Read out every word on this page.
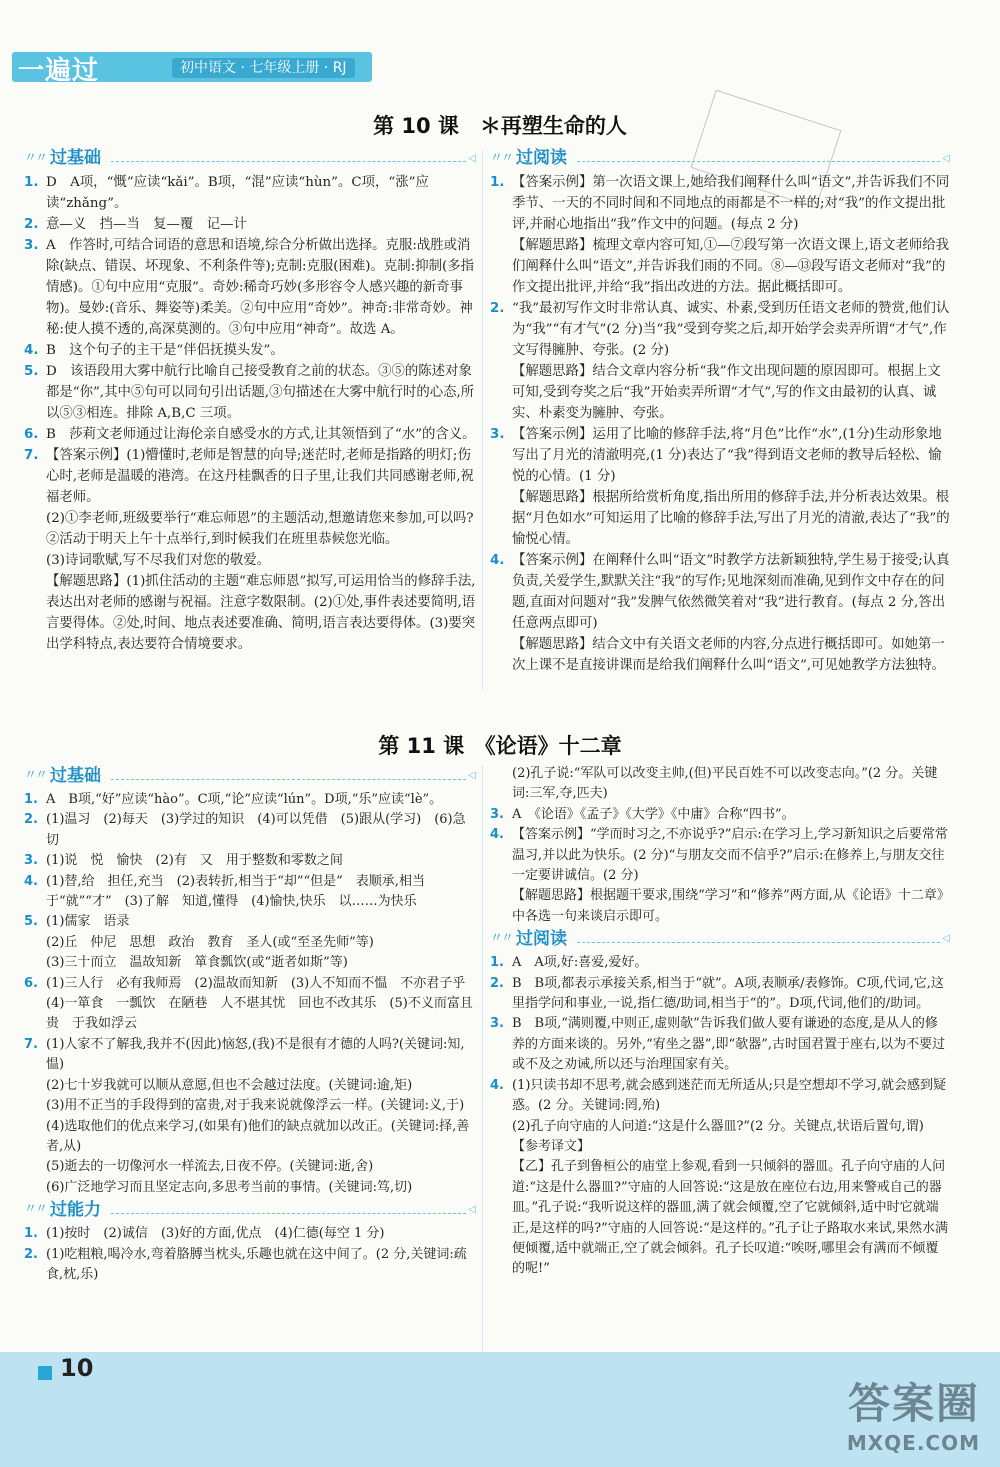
一遍过	初中语文 · 七年级上册 · RJ
第 10 课　＊再塑生命的人
〃〃 过基础	◁
1. D　A项，“慨”应读“kǎi”。B项，“混”应读“hùn”。C项，“涨”应读“zhǎng”。
2. 意—义　挡—当　复—覆　记—计
3. A　作答时,可结合词语的意思和语境,综合分析做出选择。克服:战胜或消除(缺点、错误、坏现象、不利条件等);克制:克服(困难)。克制:抑制(多指情感)。①句中应用“克服”。奇妙:稀奇巧妙(多形容令人感兴趣的新奇事物)。曼妙:(音乐、舞姿等)柔美。②句中应用“奇妙”。神奇:非常奇妙。神秘:使人摸不透的,高深莫测的。③句中应用“神奇”。故选 A。
4. B　这个句子的主干是“伴侣抚摸头发”。
5. D　该语段用大雾中航行比喻自己接受教育之前的状态。③⑤的陈述对象都是“你”,其中⑤句可以同句引出话题,③句描述在大雾中航行时的心态,所以⑤③相连。排除 A,B,C 三项。
6. B　莎莉文老师通过让海伦亲自感受水的方式,让其领悟到了“水”的含义。
7. 【答案示例】(1)懵懂时,老师是智慧的向导;迷茫时,老师是指路的明灯;伤心时,老师是温暖的港湾。在这丹桂飘香的日子里,让我们共同感谢老师,祝福老师。
(2)①李老师,班级要举行“难忘师恩”的主题活动,想邀请您来参加,可以吗?
②活动于明天上午十点举行,到时候我们在班里恭候您光临。
(3)诗词歌赋,写不尽我们对您的敬爱。
【解题思路】(1)抓住活动的主题“难忘师恩”拟写,可运用恰当的修辞手法,表达出对老师的感谢与祝福。注意字数限制。(2)①处,事件表述要简明,语言要得体。②处,时间、地点表述要准确、简明,语言表达要得体。(3)要突出学科特点,表达要符合情境要求。
〃〃 过阅读	◁
1. 【答案示例】第一次语文课上,她给我们阐释什么叫“语文”,并告诉我们不同季节、一天的不同时间和不同地点的雨都是不一样的;对“我”的作文提出批评,并耐心地指出“我”作文中的问题。(每点 2 分)
【解题思路】梳理文章内容可知,①—⑦段写第一次语文课上,语文老师给我们阐释什么叫“语文”,并告诉我们雨的不同。⑧—⑬段写语文老师对“我”的作文提出批评,并给“我”指出改进的方法。据此概括即可。
2. “我”最初写作文时非常认真、诚实、朴素,受到历任语文老师的赞赏,他们认为“我”“有才气”(2 分)当“我”受到夸奖之后,却开始学会卖弄所谓“才气”,作文写得臃肿、夸张。(2 分)
【解题思路】结合文章内容分析“我”作文出现问题的原因即可。根据上文可知,受到夸奖之后“我”开始卖弄所谓“才气”,写的作文由最初的认真、诚实、朴素变为臃肿、夸张。
3. 【答案示例】运用了比喻的修辞手法,将“月色”比作“水”,(1分)生动形象地写出了月光的清澈明亮,(1 分)表达了“我”得到语文老师的教导后轻松、愉悦的心情。(1 分)
【解题思路】根据所给赏析角度,指出所用的修辞手法,并分析表达效果。根据“月色如水”可知运用了比喻的修辞手法,写出了月光的清澈,表达了“我”的愉悦心情。
4. 【答案示例】在阐释什么叫“语文”时教学方法新颖独特,学生易于接受;认真负责,关爱学生,默默关注“我”的写作;见地深刻而准确,见到作文中存在的问题,直面对问题对“我”发脾气依然微笑着对“我”进行教育。(每点 2 分,答出任意两点即可)
【解题思路】结合文中有关语文老师的内容,分点进行概括即可。如她第一次上课不是直接讲课而是给我们阐释什么叫“语文”,可见她教学方法独特。
第 11 课　《论语》十二章
〃〃 过基础	◁
1. A　B项,“好”应读“hào”。C项,“论”应读“lún”。D项,“乐”应读“lè”。
2. (1)温习　(2)每天　(3)学过的知识　(4)可以凭借　(5)跟从(学习)　(6)急切
3. (1)说　悦　愉快　(2)有　又　用于整数和零数之间
4. (1)替,给　担任,充当　(2)表转折,相当于“却”“但是”　表顺承,相当于“就”“才”　(3)了解　知道,懂得　(4)愉快,快乐　以……为快乐
5. (1)儒家　语录
(2)丘　仲尼　思想　政治　教育　圣人(或“至圣先师”等)
(3)三十而立　温故知新　箪食瓢饮(或“逝者如斯”等)
6. (1)三人行　必有我师焉　(2)温故而知新　(3)人不知而不愠　不亦君子乎　(4)一箪食　一瓢饮　在陋巷　人不堪其忧　回也不改其乐　(5)不义而富且贵　于我如浮云
7. (1)人家不了解我,我并不(因此)恼怒,(我)不是很有才德的人吗?(关键词:知,愠)
(2)七十岁我就可以顺从意愿,但也不会越过法度。(关键词:逾,矩)
(3)用不正当的手段得到的富贵,对于我来说就像浮云一样。(关键词:义,于)
(4)选取他们的优点来学习,(如果有)他们的缺点就加以改正。(关键词:择,善者,从)
(5)逝去的一切像河水一样流去,日夜不停。(关键词:逝,舍)
(6)广泛地学习而且坚定志向,多思考当前的事情。(关键词:笃,切)
〃〃 过能力	◁
1. (1)按时　(2)诚信　(3)好的方面,优点　(4)仁德(每空 1 分)
2. (1)吃粗粮,喝冷水,弯着胳膊当枕头,乐趣也就在这中间了。(2 分,关键词:疏食,枕,乐)
(2)孔子说:“军队可以改变主帅,(但)平民百姓不可以改变志向。”(2 分。关键词:三军,夺,匹夫)
3. A　《论语》《孟子》《大学》《中庸》合称“四书”。
4. 【答案示例】“学而时习之,不亦说乎?”启示:在学习上,学习新知识之后要常常温习,并以此为快乐。(2 分)“与朋友交而不信乎?”启示:在修养上,与朋友交往一定要讲诚信。(2 分)
【解题思路】根据题干要求,围绕“学习”和“修养”两方面,从《论语》十二章》中各选一句来谈启示即可。
〃〃 过阅读	◁
1. A　A项,好:喜爱,爱好。
2. B　B项,都表示承接关系,相当于“就”。A项,表顺承/表修饰。C项,代词,它,这里指学问和事业,一说,指仁德/助词,相当于“的”。D项,代词,他们的/助词。
3. B　B项,“满则覆,中则正,虚则欹”告诉我们做人要有谦逊的态度,是从人的修养的方面来谈的。另外,“宥坐之器”,即“欹器”,古时国君置于座右,以为不要过或不及之劝诫,所以还与治理国家有关。
4. (1)只读书却不思考,就会感到迷茫而无所适从;只是空想却不学习,就会感到疑惑。(2 分。关键词:罔,殆)
(2)孔子向守庙的人问道:“这是什么器皿?”(2 分。关键点,状语后置句,谓)
【参考译文】
【乙】孔子到鲁桓公的庙堂上参观,看到一只倾斜的器皿。孔子向守庙的人问道:“这是什么器皿?”守庙的人回答说:“这是放在座位右边,用来警戒自己的器皿。”孔子说:“我听说这样的器皿,满了就会倾覆,空了它就倾斜,适中时它就端正,是这样的吗?”守庙的人回答说:“是这样的。”孔子让子路取水来试,果然水满便倾覆,适中就端正,空了就会倾斜。孔子长叹道:“唉呀,哪里会有满而不倾覆的呢!”
10
答案圈
MXQE.COM
